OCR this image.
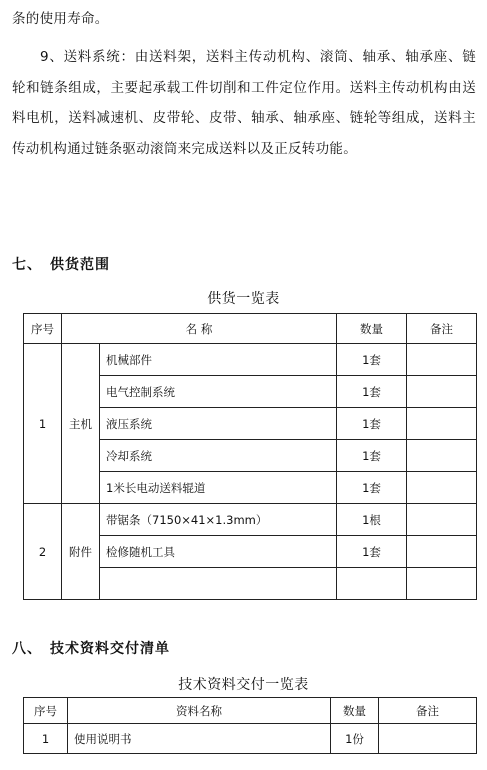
条的使用寿命。

9、送料系统：由送料架，送料主传动机构、滚筒、轴承、轴承座、链轮和链条组成，主要起承载工件切削和工件定位作用。送料主传动机构由送料电机，送料减速机、皮带轮、皮带、轴承、轴承座、链轮等组成，送料主传动机构通过链条驱动滚筒来完成送料以及正反转功能。

七、　供货范围

供货一览表

序号	名 称		数量	备注
1	主机	机械部件	1套	
		电气控制系统	1套	
		液压系统	1套	
		冷却系统	1套	
		1米长电动送料辊道	1套	
2	附件	带锯条（7150×41×1.3mm）	1根	
		检修随机工具	1套	

八、　技术资料交付清单

技术资料交付一览表

序号	资料名称	数量	备注
1	使用说明书	1份	
